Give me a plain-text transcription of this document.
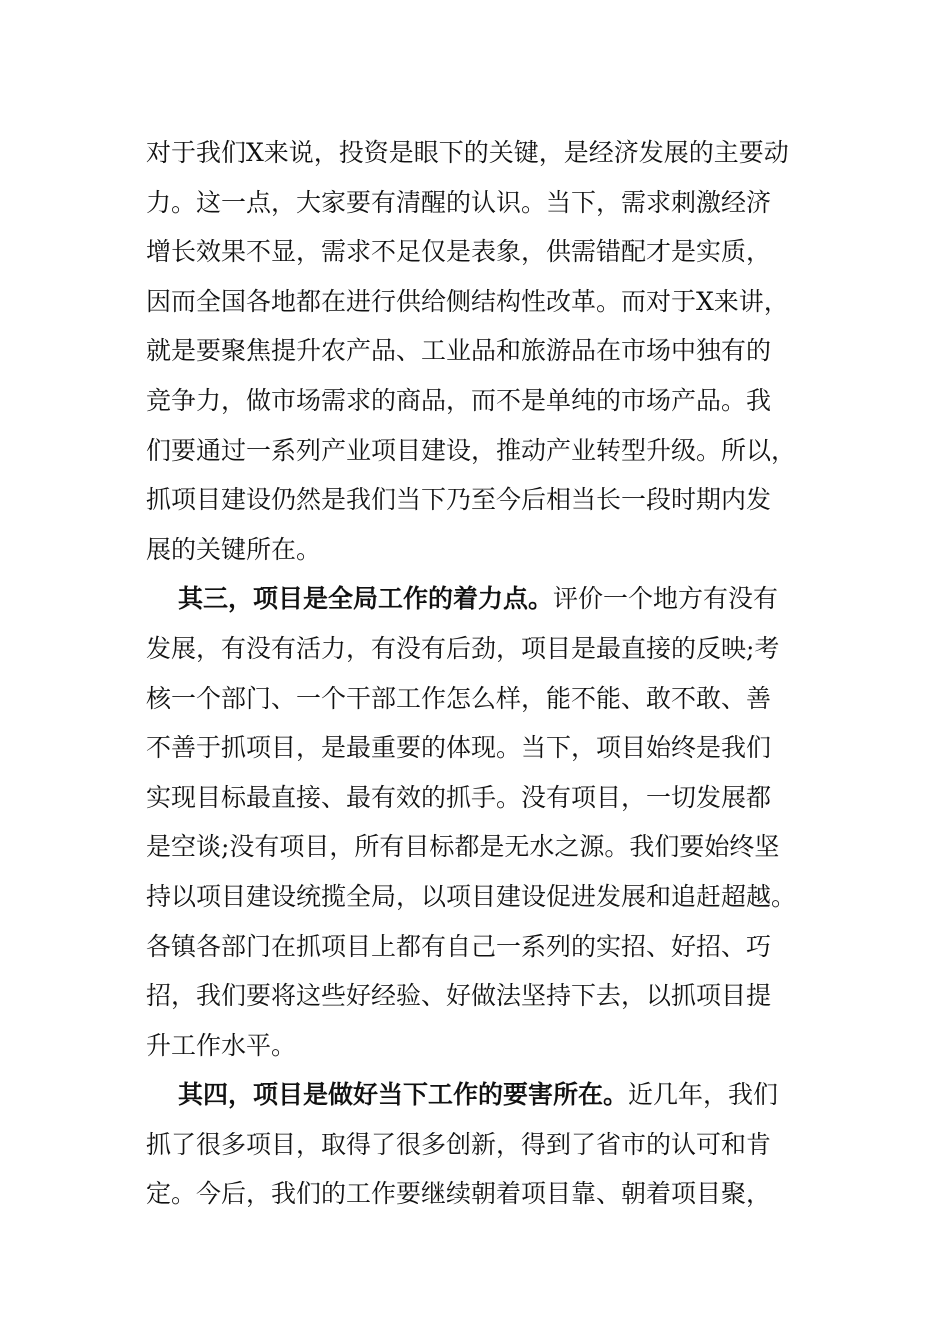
对于我们X来说，投资是眼下的关键，是经济发展的主要动
力。这一点，大家要有清醒的认识。当下，需求刺激经济
增长效果不显，需求不足仅是表象，供需错配才是实质，
因而全国各地都在进行供给侧结构性改革。而对于X来讲，
就是要聚焦提升农产品、工业品和旅游品在市场中独有的
竞争力，做市场需求的商品，而不是单纯的市场产品。我
们要通过一系列产业项目建设，推动产业转型升级。所以，
抓项目建设仍然是我们当下乃至今后相当长一段时期内发
展的关键所在。
其三，项目是全局工作的着力点。评价一个地方有没有
发展，有没有活力，有没有后劲，项目是最直接的反映;考
核一个部门、一个干部工作怎么样，能不能、敢不敢、善
不善于抓项目，是最重要的体现。当下，项目始终是我们
实现目标最直接、最有效的抓手。没有项目，一切发展都
是空谈;没有项目，所有目标都是无水之源。我们要始终坚
持以项目建设统揽全局，以项目建设促进发展和追赶超越。
各镇各部门在抓项目上都有自己一系列的实招、好招、巧
招，我们要将这些好经验、好做法坚持下去，以抓项目提
升工作水平。
其四，项目是做好当下工作的要害所在。近几年，我们
抓了很多项目，取得了很多创新，得到了省市的认可和肯
定。今后，我们的工作要继续朝着项目靠、朝着项目聚，
